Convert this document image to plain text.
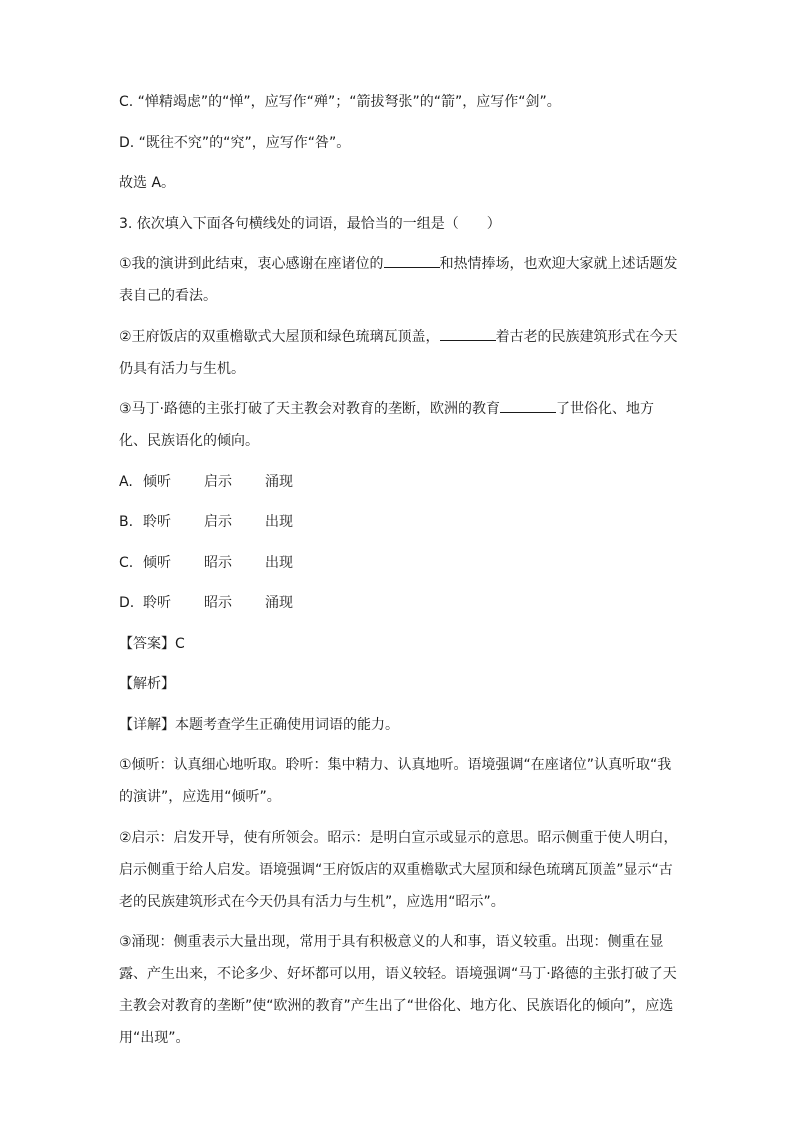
C. “惮精竭虑”的“惮”，应写作“殚”；“箭拔弩张”的“箭”，应写作“剑”。

D. “既往不究”的“究”，应写作“咎”。

故选 A。

3. 依次填入下面各句横线处的词语，最恰当的一组是（　　）

①我的演讲到此结束，衷心感谢在座诸位的	和热情捧场，也欢迎大家就上述话题发表自己的看法。

②王府饭店的双重檐歇式大屋顶和绿色琉璃瓦顶盖，	着古老的民族建筑形式在今天仍具有活力与生机。

③马丁·路德的主张打破了天主教会对教育的垄断，欧洲的教育	了世俗化、地方化、民族语化的倾向。

A. 倾听 启示 涌现

B. 聆听 启示 出现

C. 倾听 昭示 出现

D. 聆听 昭示 涌现

【答案】C

【解析】

【详解】本题考查学生正确使用词语的能力。

①倾听：认真细心地听取。聆听：集中精力、认真地听。语境强调“在座诸位”认真听取“我的演讲”，应选用“倾听”。

②启示：启发开导，使有所领会。昭示：是明白宣示或显示的意思。昭示侧重于使人明白，启示侧重于给人启发。语境强调“王府饭店的双重檐歇式大屋顶和绿色琉璃瓦顶盖”显示“古老的民族建筑形式在今天仍具有活力与生机”，应选用“昭示”。

③涌现：侧重表示大量出现，常用于具有积极意义的人和事，语义较重。出现：侧重在显露、产生出来，不论多少、好坏都可以用，语义较轻。语境强调“马丁·路德的主张打破了天主教会对教育的垄断”使“欧洲的教育”产生出了“世俗化、地方化、民族语化的倾向”，应选用“出现”。
